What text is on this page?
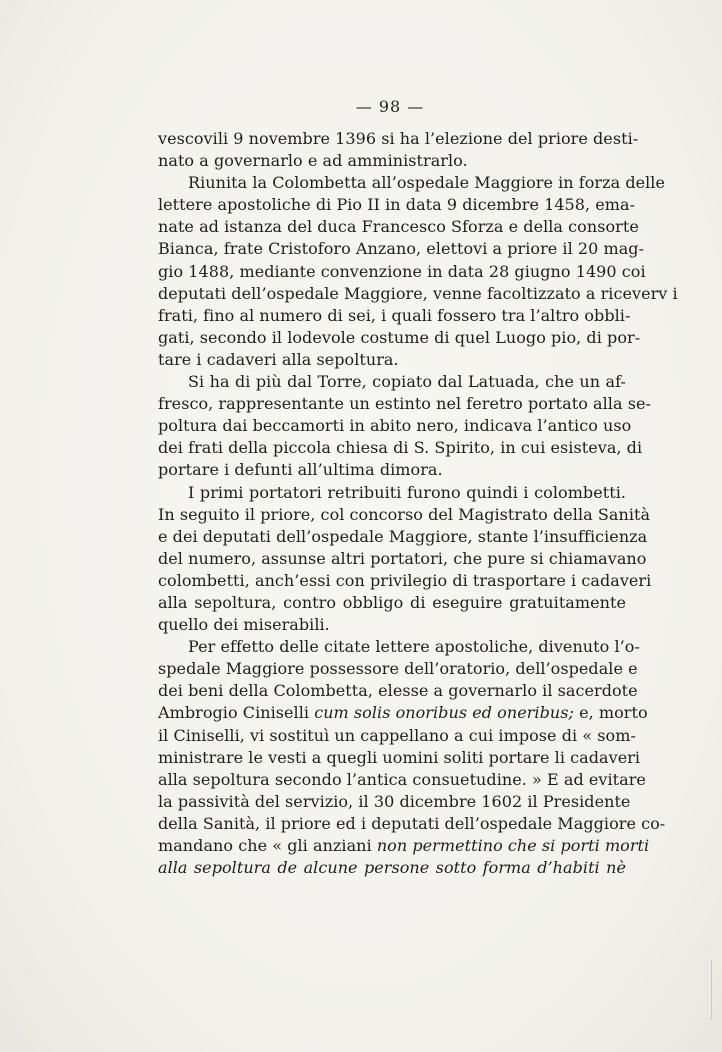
— 98 —
vescovili 9 novembre 1396 si ha l’elezione del priore desti-
nato a governarlo e ad amministrarlo.
Riunita la Colombetta all’ospedale Maggiore in forza delle
lettere apostoliche di Pio II in data 9 dicembre 1458, ema-
nate ad istanza del duca Francesco Sforza e della consorte
Bianca, frate Cristoforo Anzano, elettovi a priore il 20 mag-
gio 1488, mediante convenzione in data 28 giugno 1490 coi
deputati dell’ospedale Maggiore, venne facoltizzato a riceverv i
frati, fino al numero di sei, i quali fossero tra l’altro obbli-
gati, secondo il lodevole costume di quel Luogo pio, di por-
tare i cadaveri alla sepoltura.
Si ha di più dal Torre, copiato dal Latuada, che un af-
fresco, rappresentante un estinto nel feretro portato alla se-
poltura dai beccamorti in abito nero, indicava l’antico uso
dei frati della piccola chiesa di S. Spirito, in cui esisteva, di
portare i defunti all’ultima dimora.
I primi portatori retribuiti furono quindi i colombetti.
In seguito il priore, col concorso del Magistrato della Sanità
e dei deputati dell’ospedale Maggiore, stante l’insufficienza
del numero, assunse altri portatori, che pure si chiamavano
colombetti, anch’essi con privilegio di trasportare i cadaveri
alla sepoltura, contro obbligo di eseguire gratuitamente
quello dei miserabili.
Per effetto delle citate lettere apostoliche, divenuto l’o-
spedale Maggiore possessore dell’oratorio, dell’ospedale e
dei beni della Colombetta, elesse a governarlo il sacerdote
Ambrogio Ciniselli cum solis onoribus ed oneribus; e, morto
il Ciniselli, vi sostituì un cappellano a cui impose di « som-
ministrare le vesti a quegli uomini soliti portare li cadaveri
alla sepoltura secondo l’antica consuetudine. » E ad evitare
la passività del servizio, il 30 dicembre 1602 il Presidente
della Sanità, il priore ed i deputati dell’ospedale Maggiore co-
mandano che « gli anziani non permettino che si porti morti
alla sepoltura de alcune persone sotto forma d’habiti nè
